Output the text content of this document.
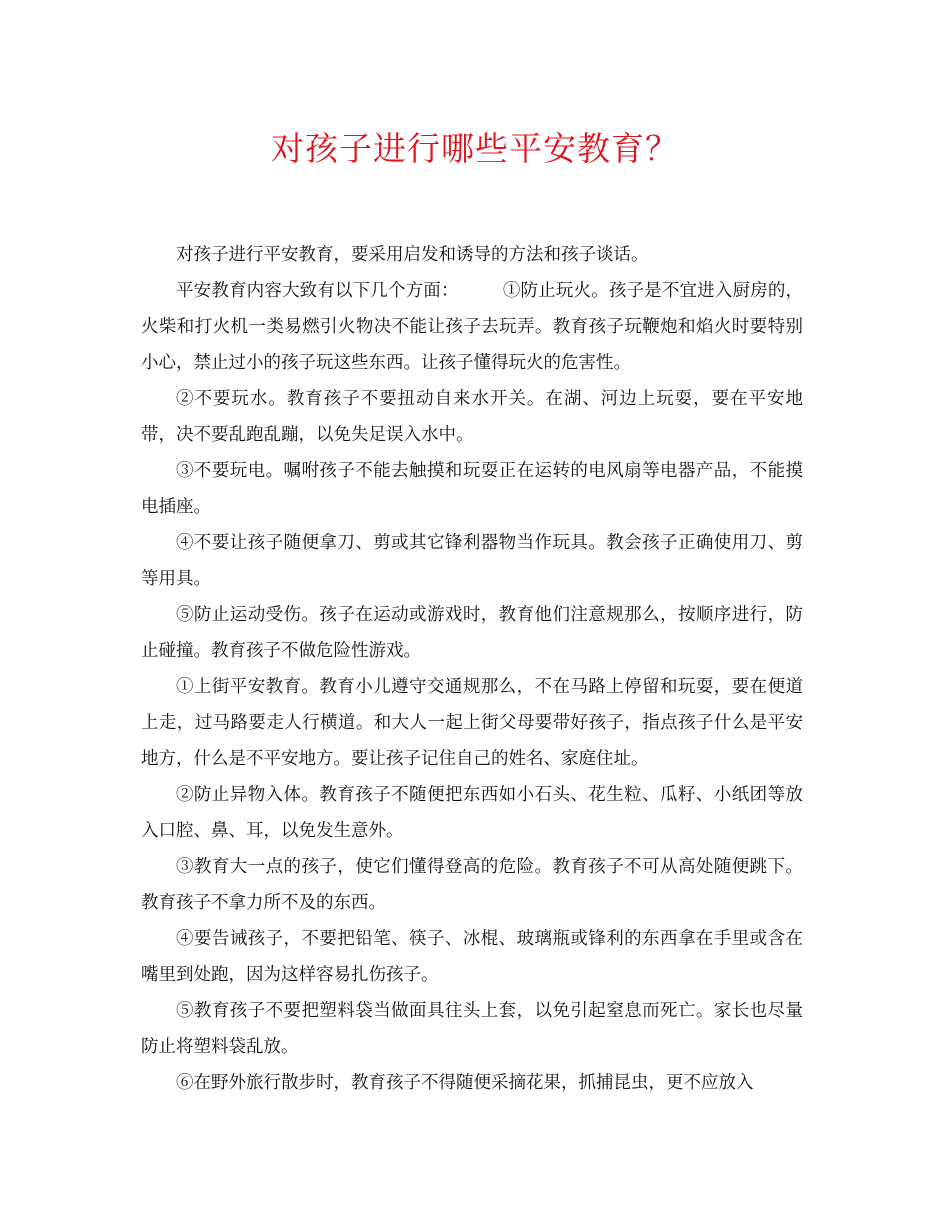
对孩子进行哪些平安教育？

对孩子进行平安教育，要采用启发和诱导的方法和孩子谈话。

平安教育内容大致有以下几个方面：　　　①防止玩火。孩子是不宜进入厨房的，火柴和打火机一类易燃引火物决不能让孩子去玩弄。教育孩子玩鞭炮和焰火时要特别小心，禁止过小的孩子玩这些东西。让孩子懂得玩火的危害性。

②不要玩水。教育孩子不要扭动自来水开关。在湖、河边上玩耍，要在平安地带，决不要乱跑乱蹦，以免失足误入水中。

③不要玩电。嘱咐孩子不能去触摸和玩耍正在运转的电风扇等电器产品，不能摸电插座。

④不要让孩子随便拿刀、剪或其它锋利器物当作玩具。教会孩子正确使用刀、剪等用具。

⑤防止运动受伤。孩子在运动或游戏时，教育他们注意规那么，按顺序进行，防止碰撞。教育孩子不做危险性游戏。

①上街平安教育。教育小儿遵守交通规那么，不在马路上停留和玩耍，要在便道上走，过马路要走人行横道。和大人一起上街父母要带好孩子，指点孩子什么是平安地方，什么是不平安地方。要让孩子记住自己的姓名、家庭住址。

②防止异物入体。教育孩子不随便把东西如小石头、花生粒、瓜籽、小纸团等放入口腔、鼻、耳，以免发生意外。

③教育大一点的孩子，使它们懂得登高的危险。教育孩子不可从高处随便跳下。教育孩子不拿力所不及的东西。

④要告诫孩子，不要把铅笔、筷子、冰棍、玻璃瓶或锋利的东西拿在手里或含在嘴里到处跑，因为这样容易扎伤孩子。

⑤教育孩子不要把塑料袋当做面具往头上套，以免引起窒息而死亡。家长也尽量防止将塑料袋乱放。

⑥在野外旅行散步时，教育孩子不得随便采摘花果，抓捕昆虫，更不应放入
